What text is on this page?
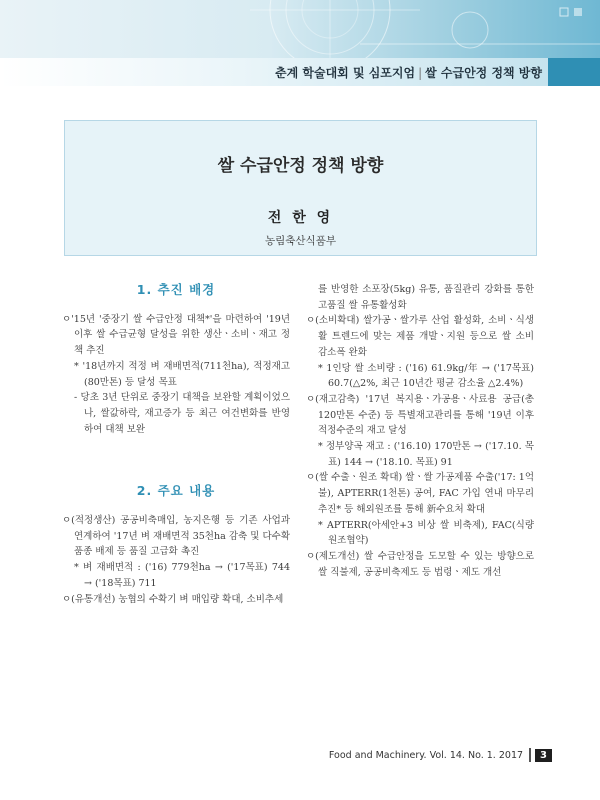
춘계 학술대회 및 심포지엄 | 쌀 수급안정 정책 방향
쌀 수급안정 정책 방향
전 한 영
농림축산식품부
1. 추진 배경

ㅇ'15년 '중장기 쌀 수급안정 대책*'을 마련하여 '19년 이후 쌀 수급균형 달성을 위한 생산ㆍ소비ㆍ재고 정책 추진

* '18년까지 적정 벼 재배면적(711천ha), 적정재고 (80만톤) 등 달성 목표

- 당초 3년 단위로 중장기 대책을 보완할 계획이었으나, 쌀값하락, 재고증가 등 최근 여건변화를 반영하여 대책 보완

2. 주요 내용

ㅇ(적정생산) 공공비축매입, 농지은행 등 기존 사업과 연계하여 '17년 벼 재배면적 35천ha 감축 및 다수확 품종 배제 등 품질 고급화 촉진

* 벼 재배면적 : ('16) 779천ha → ('17목표) 744 → ('18목표) 711

ㅇ(유통개선) 농협의 수확기 벼 매입량 확대, 소비추세

를 반영한 소포장(5kg) 유통, 품질관리 강화를 통한 고품질 쌀 유통활성화

ㅇ(소비확대) 쌀가공ㆍ쌀가루 산업 활성화, 소비ㆍ식생활 트렌드에 맞는 제품 개발ㆍ지원 등으로 쌀 소비 감소폭 완화

* 1인당 쌀 소비량 : ('16) 61.9kg/年 → ('17목표) 60.7(△2%, 최근 10년간 평균 감소율 △2.4%)

ㅇ(재고감축) '17년 복지용ㆍ가공용ㆍ사료용 공급(총 120만톤 수준) 등 특별재고관리를 통해 '19년 이후 적정수준의 재고 달성

* 정부양곡 재고 : ('16.10) 170만톤 → ('17.10. 목표) 144 → ('18.10. 목표) 91

ㅇ(쌀 수출ㆍ원조 확대) 쌀ㆍ쌀 가공제품 수출('17: 1억불), APTERR(1천톤) 공여, FAC 가입 연내 마무리 추진* 등 해외원조를 통해 新수요처 확대

* APTERR(아세안+3 비상 쌀 비축제), FAC(식량원조협약)

ㅇ(제도개선) 쌀 수급안정을 도모할 수 있는 방향으로 쌀 직불제, 공공비축제도 등 법령ㆍ제도 개선

Food and Machinery. Vol. 14. No. 1. 2017	3
